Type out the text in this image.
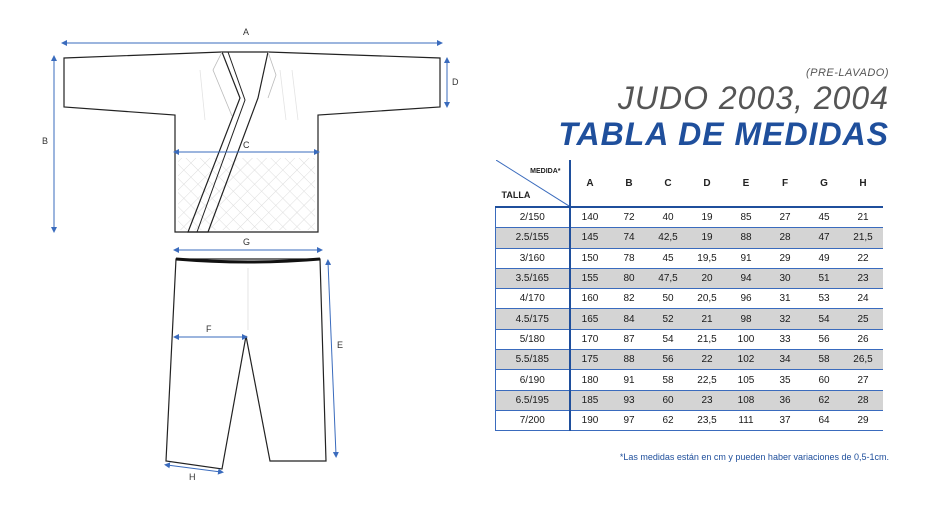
A
B	C
D
G
F
E
H
(PRE-LAVADO)
JUDO 2003, 2004
TABLA DE MEDIDAS
MEDIDA*
TALLA	A	B	C	D	E	F	G	H
2/150	140	72	40	19	85	27	45	21
2.5/155	145	74	42,5	19	88	28	47	21,5
3/160	150	78	45	19,5	91	29	49	22
3.5/165	155	80	47,5	20	94	30	51	23
4/170	160	82	50	20,5	96	31	53	24
4.5/175	165	84	52	21	98	32	54	25
5/180	170	87	54	21,5	100	33	56	26
5.5/185	175	88	56	22	102	34	58	26,5
6/190	180	91	58	22,5	105	35	60	27
6.5/195	185	93	60	23	108	36	62	28
7/200	190	97	62	23,5	111	37	64	29
*Las medidas están en cm y pueden haber variaciones de 0,5-1cm.
